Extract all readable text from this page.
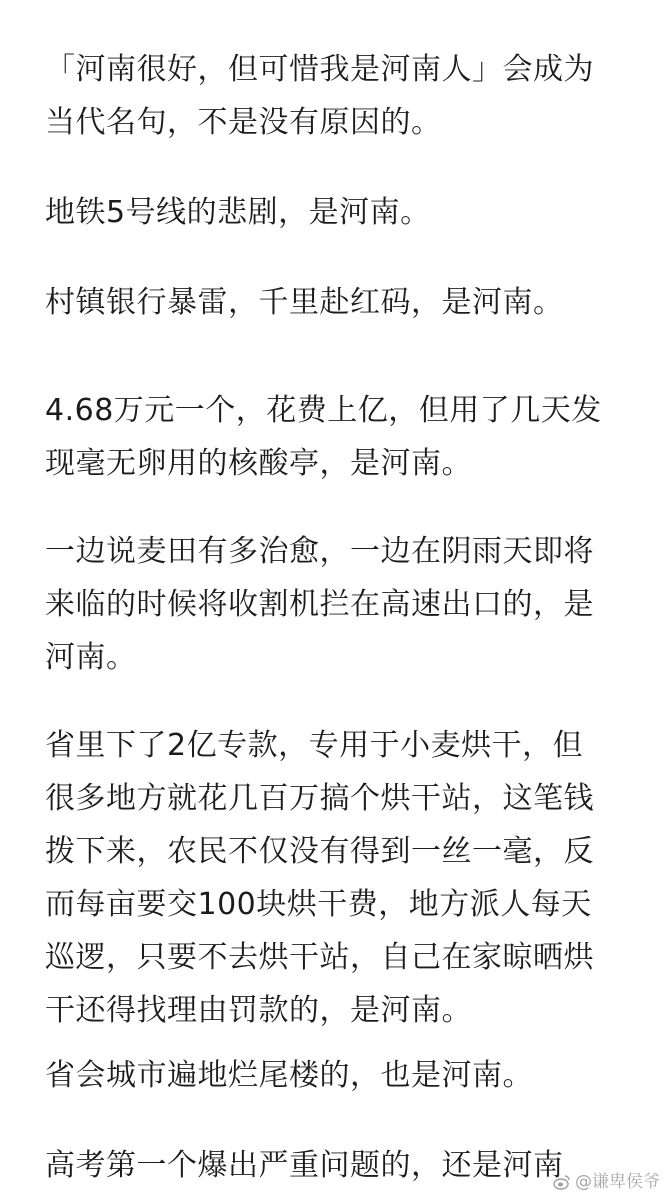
「河南很好，但可惜我是河南人」会成为
当代名句，不是没有原因的。

地铁5号线的悲剧，是河南。

村镇银行暴雷，千里赴红码，是河南。

4.68万元一个，花费上亿，但用了几天发
现毫无卵用的核酸亭，是河南。

一边说麦田有多治愈，一边在阴雨天即将
来临的时候将收割机拦在高速出口的，是
河南。

省里下了2亿专款，专用于小麦烘干，但
很多地方就花几百万搞个烘干站，这笔钱
拨下来，农民不仅没有得到一丝一毫，反
而每亩要交100块烘干费，地方派人每天
巡逻，只要不去烘干站，自己在家晾晒烘
干还得找理由罚款的，是河南。

省会城市遍地烂尾楼的，也是河南。

高考第一个爆出严重问题的，还是河南 @谦卑侯爷
